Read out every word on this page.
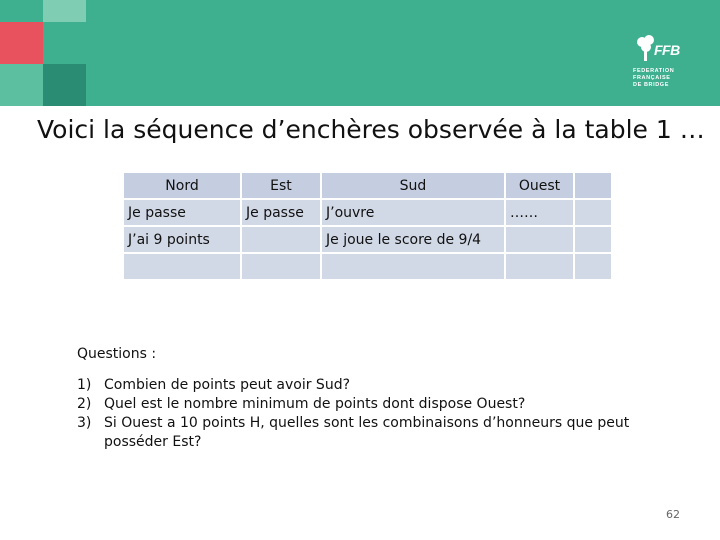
FFB
FEDERATION
FRANÇAISE
DE BRIDGE
Voici la séquence d’enchères observée à la table 1 …
Nord	Est	Sud	Ouest	
Je passe	Je passe	J’ouvre	……	
J’ai 9 points		Je joue le score de 9/4		

Questions :

1) Combien de points peut avoir Sud?
2) Quel est le nombre minimum de points dont dispose Ouest?
3) Si Ouest a 10 points H, quelles sont les combinaisons d’honneurs que peut posséder Est?
62
